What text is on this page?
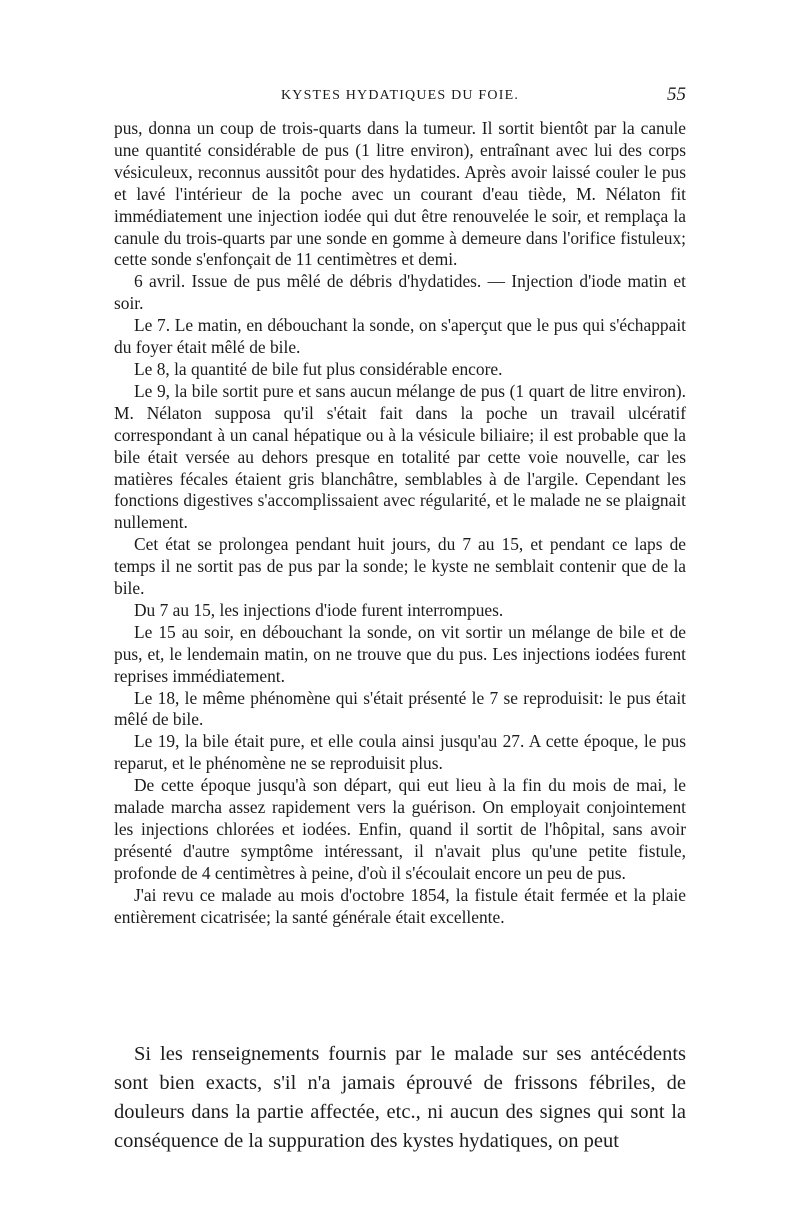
KYSTES HYDATIQUES DU FOIE.	55

pus, donna un coup de trois-quarts dans la tumeur. Il sortit bientôt par la canule une quantité considérable de pus (1 litre environ), entraînant avec lui des corps vésiculeux, reconnus aussitôt pour des hydatides. Après avoir laissé couler le pus et lavé l'intérieur de la poche avec un courant d'eau tiède, M. Nélaton fit immédiatement une injection iodée qui dut être renouvelée le soir, et remplaça la canule du trois-quarts par une sonde en gomme à demeure dans l'orifice fistuleux; cette sonde s'enfonçait de 11 centimètres et demi.

6 avril. Issue de pus mêlé de débris d'hydatides. — Injection d'iode matin et soir.

Le 7. Le matin, en débouchant la sonde, on s'aperçut que le pus qui s'échappait du foyer était mêlé de bile.

Le 8, la quantité de bile fut plus considérable encore.

Le 9, la bile sortit pure et sans aucun mélange de pus (1 quart de litre environ). M. Nélaton supposa qu'il s'était fait dans la poche un travail ulcératif correspondant à un canal hépatique ou à la vésicule biliaire; il est probable que la bile était versée au dehors presque en totalité par cette voie nouvelle, car les matières fécales étaient gris blanchâtre, semblables à de l'argile. Cependant les fonctions digestives s'accomplissaient avec régularité, et le malade ne se plaignait nullement.

Cet état se prolongea pendant huit jours, du 7 au 15, et pendant ce laps de temps il ne sortit pas de pus par la sonde; le kyste ne semblait contenir que de la bile.

Du 7 au 15, les injections d'iode furent interrompues.

Le 15 au soir, en débouchant la sonde, on vit sortir un mélange de bile et de pus, et, le lendemain matin, on ne trouve que du pus. Les injections iodées furent reprises immédiatement.

Le 18, le même phénomène qui s'était présenté le 7 se reproduisit: le pus était mêlé de bile.

Le 19, la bile était pure, et elle coula ainsi jusqu'au 27. A cette époque, le pus reparut, et le phénomène ne se reproduisit plus.

De cette époque jusqu'à son départ, qui eut lieu à la fin du mois de mai, le malade marcha assez rapidement vers la guérison. On employait conjointement les injections chlorées et iodées. Enfin, quand il sortit de l'hôpital, sans avoir présenté d'autre symptôme intéressant, il n'avait plus qu'une petite fistule, profonde de 4 centimètres à peine, d'où il s'écoulait encore un peu de pus.

J'ai revu ce malade au mois d'octobre 1854, la fistule était fermée et la plaie entièrement cicatrisée; la santé générale était excellente.

Si les renseignements fournis par le malade sur ses antécédents sont bien exacts, s'il n'a jamais éprouvé de frissons fébriles, de douleurs dans la partie affectée, etc., ni aucun des signes qui sont la conséquence de la suppuration des kystes hydatiques, on peut
